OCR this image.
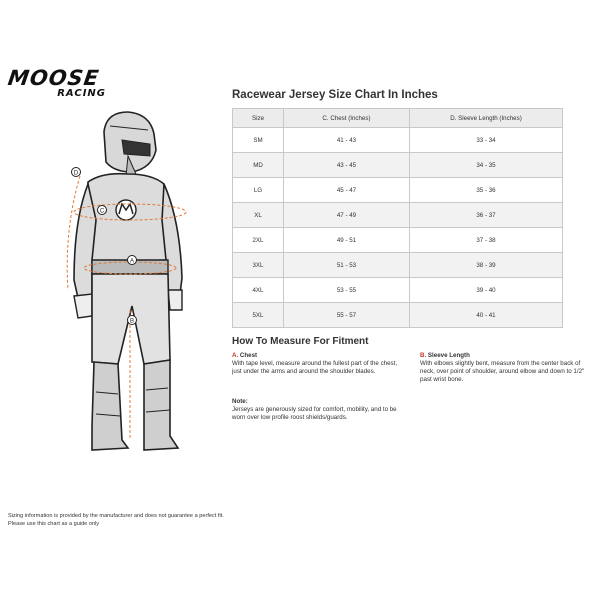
MOOSE
RACING
D
C
A
B
Racewear Jersey Size Chart In Inches
Size	C. Chest (Inches)	D. Sleeve Length (Inches)
SM	41 - 43	33 - 34
MD	43 - 45	34 - 35
LG	45 - 47	35 - 36
XL	47 - 49	36 - 37
2XL	49 - 51	37 - 38
3XL	51 - 53	38 - 39
4XL	53 - 55	39 - 40
5XL	55 - 57	40 - 41
How To Measure For Fitment
A. Chest
With tape level, measure around the fullest part of the chest, just under the arms and around the shoulder blades.
B. Sleeve Length
With elbows slightly bent, measure from the center back of neck, over point of shoulder, around elbow and down to 1/2" past wrist bone.
Note:
Jerseys are generously sized for comfort, mobility, and to be worn over low profile roost shields/guards.
Sizing information is provided by the manufacturer and does not guarantee a perfect fit.
Please use this chart as a guide only
